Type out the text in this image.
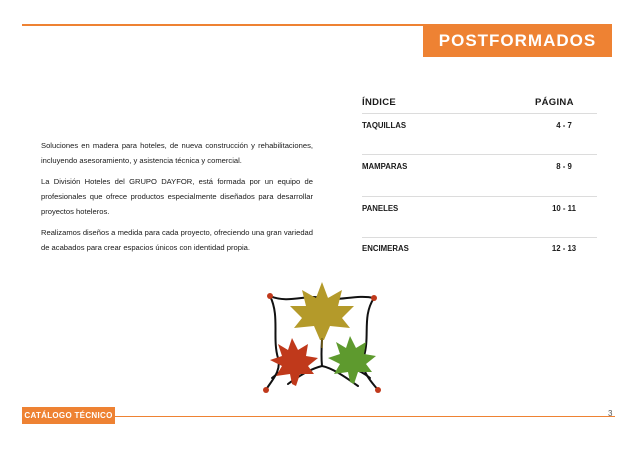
POSTFORMADOS

Soluciones en madera para hoteles, de nueva construcción y rehabilitaciones, incluyendo asesoramiento, y asistencia técnica y comercial.

La División Hoteles del GRUPO DAYFOR, está formada por un equipo de profesionales que ofrece productos especialmente diseñados para desarrollar proyectos hoteleros.

Realizamos diseños a medida para cada proyecto, ofreciendo una gran variedad de acabados para crear espacios únicos con identidad propia.

ÍNDICE	PÁGINA
TAQUILLAS	4 - 7
MAMPARAS	8 - 9
PANELES	10 - 11
ENCIMERAS	12 - 13
CATÁLOGO TÉCNICO	3
